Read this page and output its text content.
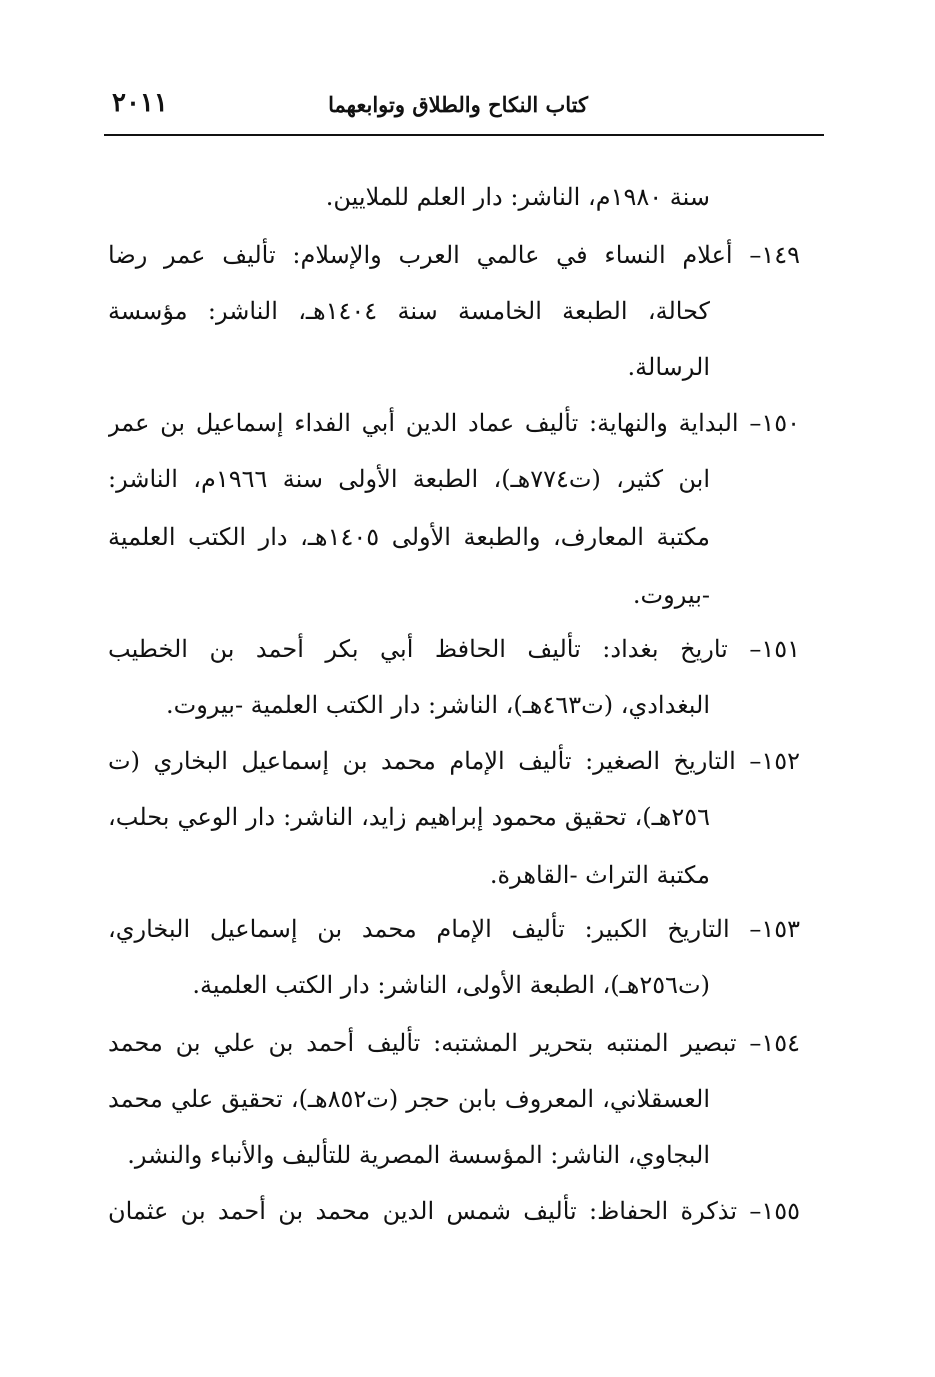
كتاب النكاح والطلاق وتوابعهما
٢٠١١
سنة ١٩٨٠م، الناشر: دار العلم للملايين.
١٤٩– أعلام النساء في عالمي العرب والإسلام: تأليف عمر رضا
كحالة، الطبعة الخامسة سنة ١٤٠٤هـ، الناشر: مؤسسة
الرسالة.
١٥٠– البداية والنهاية: تأليف عماد الدين أبي الفداء إسماعيل بن عمر
ابن كثير، (ت٧٧٤هـ)، الطبعة الأولى سنة ١٩٦٦م، الناشر:
مكتبة المعارف، والطبعة الأولى ١٤٠٥هـ، دار الكتب العلمية
-بيروت.
١٥١– تاريخ بغداد: تأليف الحافظ أبي بكر أحمد بن الخطيب
البغدادي، (ت٤٦٣هـ)، الناشر: دار الكتب العلمية -بيروت.
١٥٢– التاريخ الصغير: تأليف الإمام محمد بن إسماعيل البخاري (ت
٢٥٦هـ)، تحقيق محمود إبراهيم زايد، الناشر: دار الوعي بحلب،
مكتبة التراث -القاهرة.
١٥٣– التاريخ الكبير: تأليف الإمام محمد بن إسماعيل البخاري،
(ت٢٥٦هـ)، الطبعة الأولى، الناشر: دار الكتب العلمية.
١٥٤– تبصير المنتبه بتحرير المشتبه: تأليف أحمد بن علي بن محمد
العسقلاني، المعروف بابن حجر (ت٨٥٢هـ)، تحقيق علي محمد
البجاوي، الناشر: المؤسسة المصرية للتأليف والأنباء والنشر.
١٥٥– تذكرة الحفاظ: تأليف شمس الدين محمد بن أحمد بن عثمان
